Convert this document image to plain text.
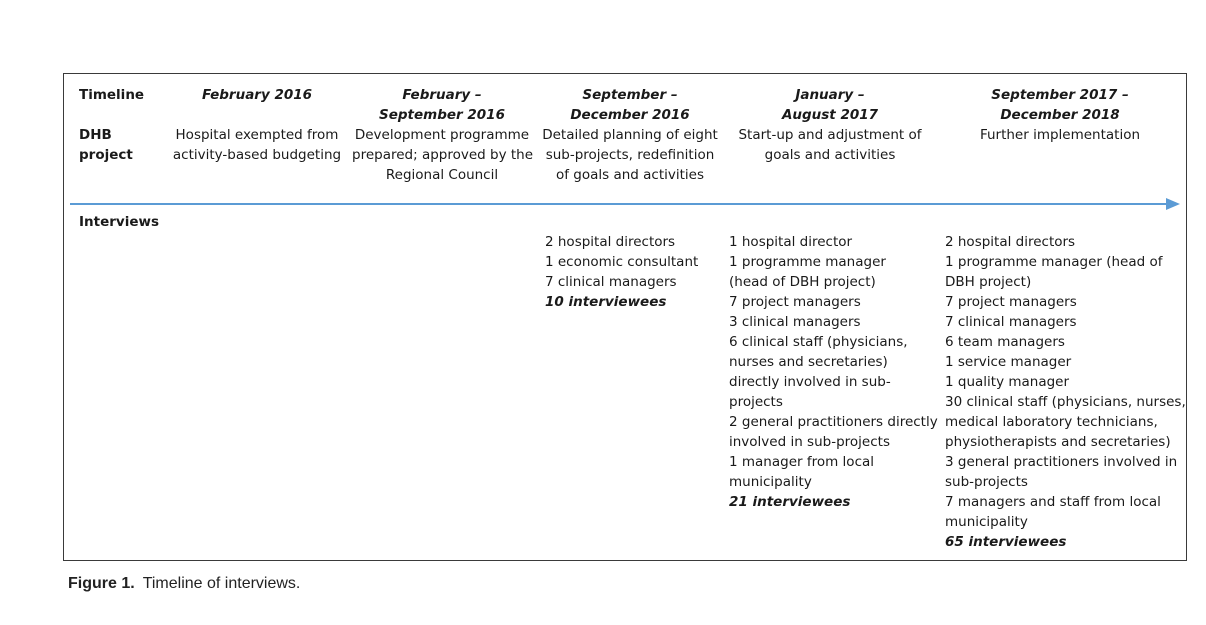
Timeline
DHB
project
Interviews
February 2016
Hospital exempted from
activity-based budgeting
February –
September 2016
Development programme
prepared; approved by the
Regional Council
September –
December 2016
Detailed planning of eight
sub-projects, redefinition
of goals and activities
January –
August 2017
Start-up and adjustment of
goals and activities
September 2017 –
December 2018
Further implementation
2 hospital directors
1 economic consultant
7 clinical managers
10 interviewees
1 hospital director
1 programme manager
(head of DBH project)
7 project managers
3 clinical managers
6 clinical staff (physicians,
nurses and secretaries)
directly involved in sub-
projects
2 general practitioners directly
involved in sub-projects
1 manager from local
municipality
21 interviewees
2 hospital directors
1 programme manager (head of
DBH project)
7 project managers
7 clinical managers
6 team managers
1 service manager
1 quality manager
30 clinical staff (physicians, nurses,
medical laboratory technicians,
physiotherapists and secretaries)
3 general practitioners involved in
sub-projects
7 managers and staff from local
municipality
65 interviewees
Figure 1. Timeline of interviews.
